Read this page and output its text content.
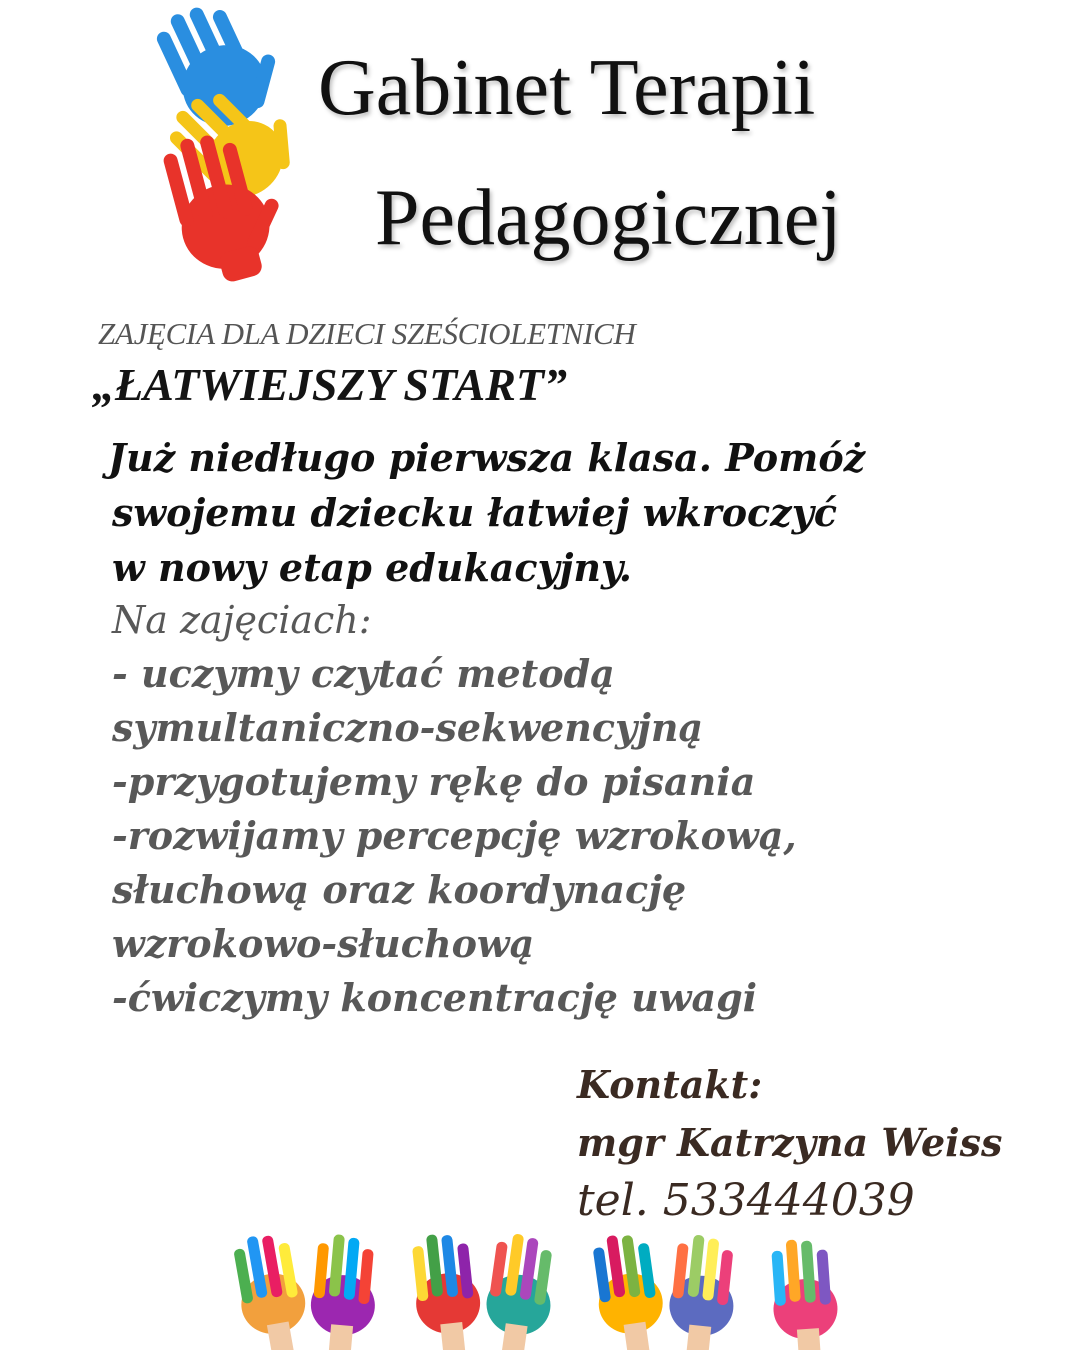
Gabinet Terapii
Pedagogicznej
ZAJĘCIA DLA DZIECI SZEŚCIOLETNICH
„ŁATWIEJSZY START”
Już niedługo pierwsza klasa. Pomóż
swojemu dziecku łatwiej wkroczyć
w nowy etap edukacyjny.
Na zajęciach:
- uczymy czytać metodą
symultaniczno-sekwencyjną
-przygotujemy rękę do pisania
-rozwijamy percepcję wzrokową,
słuchową oraz koordynację
wzrokowo-słuchową
-ćwiczymy koncentrację uwagi
Kontakt:
mgr Katrzyna Weiss
tel. 533444039
